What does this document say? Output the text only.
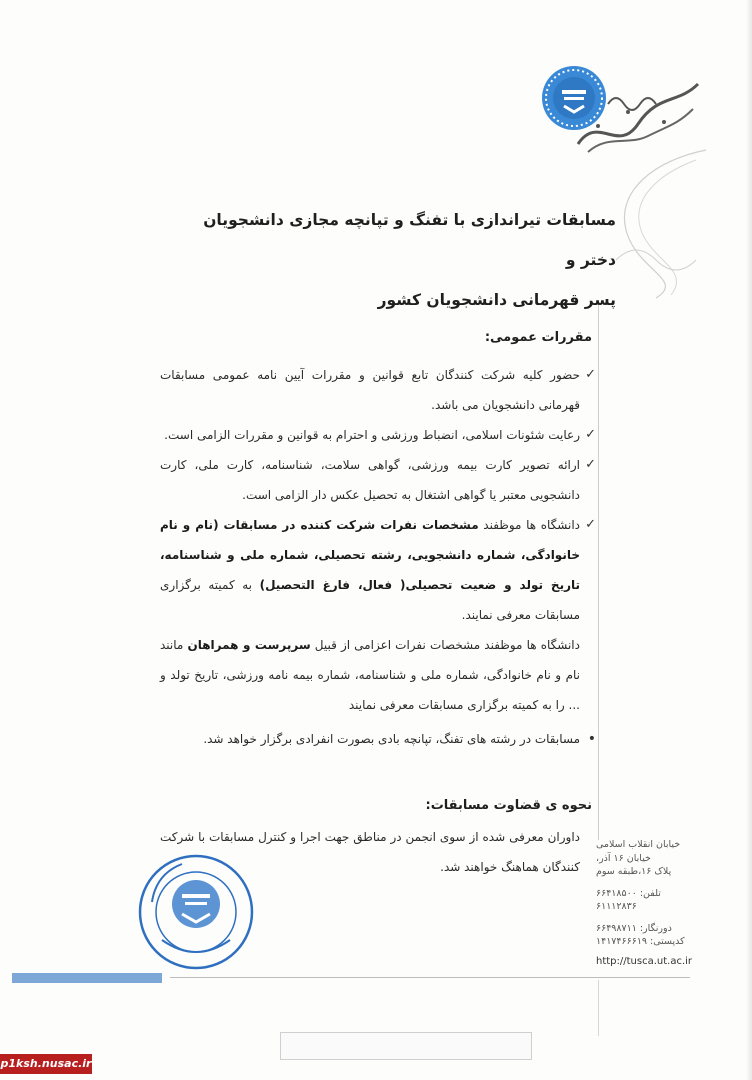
مسابقات تیراندازی با تفنگ و تپانچه مجازی دانشجویان دختر و
پسر قهرمانی دانشجویان کشور
مقررات عمومی:
✓
حضور کلیه شرکت کنندگان تابع قوانین و مقررات آیین نامه عمومی مسابقات قهرمانی دانشجویان می باشد.
✓
رعایت شئونات اسلامی، انضباط ورزشی و احترام به قوانین و مقررات الزامی است.
✓
ارائه تصویر کارت بیمه ورزشی، گواهی سلامت، شناسنامه، کارت ملی، کارت دانشجویی معتبر یا گواهی اشتغال به تحصیل عکس دار الزامی است.
✓
دانشگاه ها موظفند مشخصات نفرات شرکت کننده در مسابقات (نام و نام خانوادگی، شماره دانشجویی، رشته تحصیلی، شماره ملی و شناسنامه، تاریخ تولد و ضعیت تحصیلی( فعال، فارغ التحصیل) به کمیته برگزاری مسابقات معرفی نمایند.
دانشگاه ها موظفند مشخصات نفرات اعزامی از قبیل سرپرست و همراهان مانند نام و نام خانوادگی، شماره ملی و شناسنامه، شماره بیمه نامه ورزشی، تاریخ تولد و ... را به کمیته برگزاری مسابقات معرفی نمایند
•
مسابقات در رشته های تفنگ، تپانچه بادی بصورت انفرادی برگزار خواهد شد.
نحوه ی قضاوت مسابقات:
داوران معرفی شده از سوی انجمن در مناطق جهت اجرا و کنترل مسابقات با شرکت کنندگان هماهنگ خواهند شد.
خیابان انقلاب اسلامی
خیابان ۱۶ آذر،
پلاک ۱۶،طبقه سوم
تلفن: ۶۶۴۱۸۵۰۰
۶۱۱۱۲۸۳۶
دورنگار: ۶۶۴۹۸۷۱۱
کدپستی: ۱۴۱۷۴۶۶۶۱۹
http://tusca.ut.ac.ir
p1ksh.nusac.ir
